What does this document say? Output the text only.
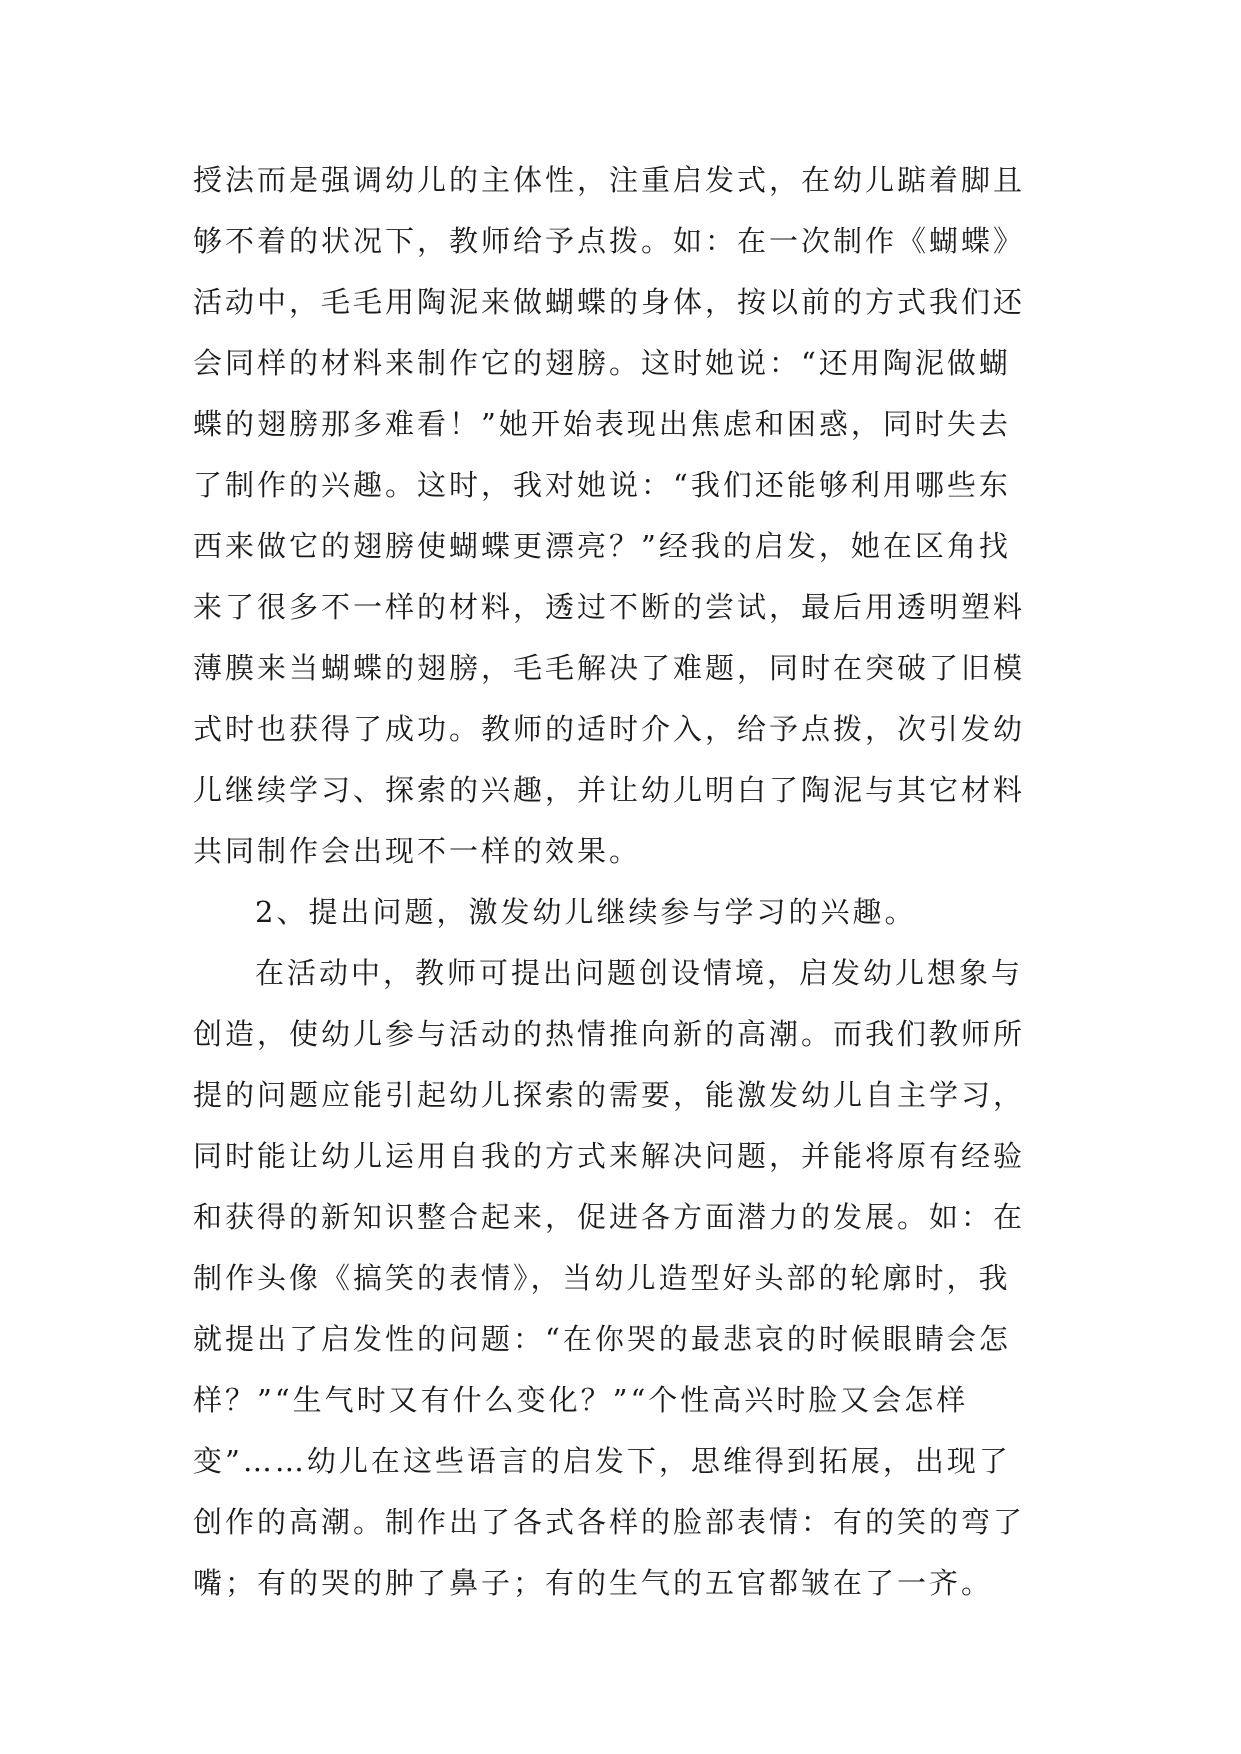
授法而是强调幼儿的主体性，注重启发式，在幼儿踮着脚且
够不着的状况下，教师给予点拨。如：在一次制作《蝴蝶》
活动中，毛毛用陶泥来做蝴蝶的身体，按以前的方式我们还
会同样的材料来制作它的翅膀。这时她说：“还用陶泥做蝴
蝶的翅膀那多难看！”她开始表现出焦虑和困惑，同时失去
了制作的兴趣。这时，我对她说：“我们还能够利用哪些东
西来做它的翅膀使蝴蝶更漂亮？”经我的启发，她在区角找
来了很多不一样的材料，透过不断的尝试，最后用透明塑料
薄膜来当蝴蝶的翅膀，毛毛解决了难题，同时在突破了旧模
式时也获得了成功。教师的适时介入，给予点拨，次引发幼
儿继续学习、探索的兴趣，并让幼儿明白了陶泥与其它材料
共同制作会出现不一样的效果。
2、提出问题，激发幼儿继续参与学习的兴趣。
在活动中，教师可提出问题创设情境，启发幼儿想象与
创造，使幼儿参与活动的热情推向新的高潮。而我们教师所
提的问题应能引起幼儿探索的需要，能激发幼儿自主学习，
同时能让幼儿运用自我的方式来解决问题，并能将原有经验
和获得的新知识整合起来，促进各方面潜力的发展。如：在
制作头像《搞笑的表情》，当幼儿造型好头部的轮廓时，我
就提出了启发性的问题：“在你哭的最悲哀的时候眼睛会怎
样？”“生气时又有什么变化？”“个性高兴时脸又会怎样
变”……幼儿在这些语言的启发下，思维得到拓展，出现了
创作的高潮。制作出了各式各样的脸部表情：有的笑的弯了
嘴；有的哭的肿了鼻子；有的生气的五官都皱在了一齐。
